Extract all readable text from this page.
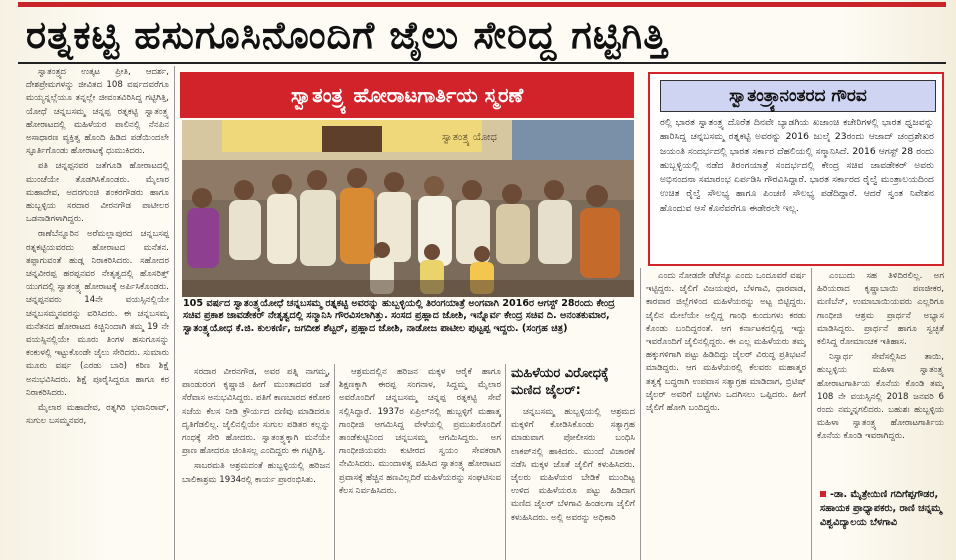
ರತ್ನಕಟ್ಟಿ ಹಸುಗೂಸಿನೊಂದಿಗೆ ಜೈಲು ಸೇರಿದ್ದ ಗಟ್ಟಿಗಿತ್ತಿ

ಸ್ವಾತಂತ್ರ್ಯದ ಉತ್ಕಟ ಪ್ರೀತಿ, ಆದರ್ಶ, ದೇಶಪ್ರೇಮಗಳನ್ನು ಜೀವಿತದ 108 ವರ್ಷದವರೆಗೂ ಮಯ್ಯನ್ನಲ್ಲೆಯೂ ತನ್ನಲ್ಲೇ ಜೀವಂತವಿರಿಸಿದ್ದ ಗಟ್ಟಿಗಿತ್ತಿ, ಯೋಧೆ ಚನ್ನಬಸಮ್ಮ ಚನ್ನಪ್ಪ ರತ್ನಕಟ್ಟಿ ಸ್ವಾತಂತ್ರ್ಯ ಹೋರಾಟದಲ್ಲಿ ಮಹಿಳೆಯರ ಪಾಲಿನಲ್ಲಿ ನೆನಪಿನ ಅಸಾಧಾರಣ ವ್ಯಕ್ತಿತ್ವ ಹೊಂದಿ ಹಿಡಿದ ಪಡೆಯಿಂದಲೇ ಸ್ಫೂರ್ತಿಗೊಂಡು ಹೋರಾಟಕ್ಕೆ ಧುಮುಕಿದರು.

ಪತಿ ಚನ್ನಪ್ಪನವರ ಜತೆಗೂಡಿ ಹೋರಾಟದಲ್ಲಿ ಮುಂಚೆಯೇ ತೊಡಗಿಸಿಕೊಂಡರು. ಮೈಲಾರ ಮಹಾದೇವ, ಅದರಗುಂಚಿ ಶಂಕರಗೌಡರು ಹಾಗೂ ಹುಬ್ಬಳ್ಳಿಯ ಸರದಾರ ವೀರನಗೌಡ ಪಾಟೀಲರ ಒಡನಾಡಿಗಳಾಗಿದ್ದರು.

ರಾಣೆಬೆನ್ನೂರಿನ ಅರೆಮಲ್ಲಾಪುರದ ಚನ್ನಬಸಪ್ಪ ರತ್ನಕಟ್ಟಿಯವರದು ಹೋರಾಟದ ಮನೆತನ. ತಪ್ಪಾಗುವಂತೆ ಹುಡ್ಗ ನಿರಾಕರಿಸಿದರು. ಸಹೋದರ ಚನ್ನವೀರಪ್ಪ ಹರಪ್ಪನವರ ನೇತೃತ್ವದಲ್ಲಿ ಹೊಸರಿತ್ತ್‌ ಯುಗದಲ್ಲಿ ಸ್ವಾತಂತ್ರ್ಯ ಹೋರಾಟಕ್ಕೆ ಅರ್ಪಿಸಿಕೊಂಡರು. ಚನ್ನಪ್ಪನವರು 14ನೇ ವಯಸ್ಸಿನಲ್ಲಿಯೇ ಚನ್ನಬಸಮ್ಮನವರನ್ನು ವರಿಸಿದರು. ಈ ಚನ್ನಬಸಮ್ಮ ಮನೆತನದ ಹೋರಾಟದ ಕಿಚ್ಚಿನಿಂದಾಗಿ ತಮ್ಮ 19 ನೇ ವಯಸ್ಸಿನಲ್ಲಿಯೇ ಮೂರು ತಿಂಗಳ ಹಸುಗೂಸನ್ನು ಕಂಕುಳಲ್ಲಿ ಇಟ್ಟುಕೊಂಡೇ ಜೈಲು ಸೇರಿದರು. ಸುಮಾರು ಮೂರು ವರ್ಷ (ಎರಡು ಬಾರಿ) ಕಠಿಣ ಶಿಕ್ಷೆ ಅನುಭವಿಸಿದರು. ಶಿಕ್ಷೆ ಪೂರೈಸಿದ್ದರೂ ಹಾಗೂ ಕರ ನಿರಾಕರಿಸಿದರು.

ಮೈಲಾರ ಮಹಾದೇವ, ರತ್ನಗಿರಿ ಭವಾನಿರಾವ್, ಸುಗುಲ ಬಸಮ್ಮನವರ,

ಸ್ವಾತಂತ್ರ್ಯ ಹೋರಾಟಗಾರ್ತಿಯ ಸ್ಮರಣೆ
ಸ್ವಾತಂತ್ರ್ಯ ಯೋಧ
105 ವರ್ಷದ ಸ್ವಾತಂತ್ರ್ಯಯೋಧೆ ಚನ್ನಬಸಮ್ಮ ರತ್ನಕಟ್ಟಿ ಅವರನ್ನು ಹುಬ್ಬಳ್ಳಿಯಲ್ಲಿ ತಿರಂಗಯಾತ್ರೆ ಅಂಗವಾಗಿ 2016ರ ಆಗಸ್ಟ್ 28ರಂದು ಕೇಂದ್ರ ಸಚಿವ ಪ್ರಕಾಶ ಜಾವಡೇಕರ್ ನೇತೃತ್ವದಲ್ಲಿ ಸನ್ಮಾನಿಸಿ ಗೌರವಿಸಲಾಗಿತ್ತು. ಸಂಸದ ಪ್ರಹ್ಲಾದ ಜೋಶಿ, ಇನ್ನೊರ್ವ ಕೇಂದ್ರ ಸಚಿವ ದಿ. ಅನಂತಕುಮಾರ, ಸ್ವಾತಂತ್ರ್ಯಯೋಧ ಕೆ.ಜಿ. ಕುಲಕರ್ಣಿ, ಜಗದೀಶ ಶೆಟ್ಟರ್, ಪ್ರಹ್ಲಾದ ಜೋಶಿ, ನಾಡೋಜ ಪಾಟೀಲ ಪುಟ್ಟಪ್ಪ ಇದ್ದರು. (ಸಂಗ್ರಹ ಚಿತ್ರ)
ಸ್ವಾತಂತ್ರ್ಯಾನಂತರದ ಗೌರವ
ರಲ್ಲಿ ಭಾರತ ಸ್ವಾತಂತ್ರ್ಯ ದೊರೆತ ದಿನವೇ ಬ್ಯಾಡಗಿಯ ಖಜಾಂಚಿ ಕಚೇರಿಗಳಲ್ಲಿ ಭಾರತ ಧ್ವಜವನ್ನು ಹಾರಿಸಿದ್ದ ಚನ್ನಬಸಮ್ಮ ರತ್ನಕಟ್ಟಿ ಅವರನ್ನು 2016 ಜುಲೈ 23ರಂದು ಆಜಾದ್ ಚಂದ್ರಶೇಖರ ಜಯಂತಿ ಸಂದರ್ಭದಲ್ಲಿ ಭಾರತ ಸರ್ಕಾರ ದೆಹಲಿಯಲ್ಲಿ ಸನ್ಮಾನಿಸಿದೆ. 2016 ಆಗಸ್ಟ್ 28 ರಂದು ಹುಬ್ಬಳ್ಳಿಯಲ್ಲಿ ನಡೆದ ತಿರಂಗಯಾತ್ರೆ ಸಂದರ್ಭದಲ್ಲಿ ಕೇಂದ್ರ ಸಚಿವ ಜಾವಡೇಕರ್ ಅವರು ಅಭಿನಂದನಾ ಸಮಾರಂಭ ಏರ್ಪಡಿಸಿ ಗೌರವಿಸಿದ್ದಾರೆ. ಭಾರತ ಸರ್ಕಾರದ ರೈಲ್ವೆ ಮಂತ್ರಾಲಯದಿಂದ ಉಚಿತ ರೈಲ್ವೆ ಸೌಲಭ್ಯ ಹಾಗೂ ಪಿಂಚಣಿ ಸೌಲಭ್ಯ ಪಡೆದಿದ್ದಾರೆ. ಆದರೆ ಸ್ವಂತ ನಿವೇಶನ ಹೊಂದುವ ಆಸೆ ಕೊನೆವರೆಗೂ ಈಡೇರಲೇ ಇಲ್ಲ.

ಸರದಾರ ವೀರನಗೌಡ, ಅವರ ಪತ್ನಿ ನಾಗಮ್ಮ, ಪಾಂಡುರಂಗ ಕೃಷ್ಣಾಜಿ ಹೀಗೆ ಮುಂತಾದವರ ಜತೆ ಸೆರೆವಾಸ ಅನುಭವಿಸಿದ್ದರು. ಪತಿಗೆ ಕಾಣಬಾರದ ಕಠೋರ ಸಜೆಯ ಕೆಲಸ ನೀಡಿ ಕ್ರೌರ್ಯದ ದಣಿವು ಮಾಡಿದರೂ ದೃತಿಗೆಡಲಿಲ್ಲ. ಜೈಲಿನಲ್ಲಿಯೇ ಸುಗುಲ ಪಡಿತರ ಕಲ್ಲನ್ನು ಗಂಧಕ್ಕೆ ಸೇರಿ ಹೋದರು. ಸ್ವಾತಂತ್ರ್ಯಕ್ಕಾಗಿ ಮನೆಯೇ ಪ್ರಾಣ ಹೋದರೂ ಚಿಂತಿಸಲ್ಲ ಎಂದಿದ್ದರು ಈ ಗಟ್ಟಿಗಿತ್ತಿ.

ಸಾಬರಮತಿ ಆಶ್ರಮದಂತೆ ಹುಬ್ಬಳ್ಳಿಯಲ್ಲಿ ಹರಿಜನ ಬಾಲಿಕಾಶ್ರಮ 1934ರಲ್ಲಿ ಕಾರ್ಯ ಪ್ರಾರಂಭಿಸಿತು.

ಆಶ್ರಮದಲ್ಲಿನ ಹರಿಜನ ಮಕ್ಕಳ ಆರೈಕೆ ಹಾಗೂ ಶಿಕ್ಷಣಕ್ಕಾಗಿ ಈರಪ್ಪ ಸಂಗನಾಳ, ಸಿದ್ದಮ್ಮ ಮೈಲಾರ ಅವರೊಂದಿಗೆ ಚನ್ನಬಸಮ್ಮ ಚನ್ನಪ್ಪ ರತ್ನಕಟ್ಟಿ ಸೇವೆ ಸಲ್ಲಿಸಿದ್ದಾರೆ. 1937ರ ಏಪ್ರಿಲ್‌ನಲ್ಲಿ ಹುಬ್ಬಳ್ಳಿಗೆ ಮಹಾತ್ಮ ಗಾಂಧೀಜಿ ಆಗಮಿಸಿದ್ದ ವೇಳೆಯಲ್ಲಿ ಪ್ರಮುಖರೊಂದಿಗೆ ತಾಂಡೆಕುಟ್ಟಿನಿಂದ ಚನ್ನಬಸಮ್ಮ ಆಗಮಿಸಿದ್ದರು. ಅಗ ಗಾಂಧೀಜಿಯವರು ಕುಟೀರದ ಸ್ವಯಂ ಸೇವಕರಾಗಿ ನೇಮಿಸಿದರು. ಮುಂದಾಳತ್ವ ವಹಿಸಿದ ಸ್ವಾತಂತ್ರ್ಯ ಹೋರಾಟದ ಪ್ರವಾಸಕ್ಕೆ ಹೆಚ್ಚಿನ ಹಣವಿಲ್ಲದಿರೆ ಮಹಿಳೆಯರನ್ನು ಸಂಘಟಿಸುವ ಕೆಲಸ ನಿರ್ವಹಿಸಿದರು.

ಮಹಿಳೆಯರ ವಿರೋಧಕ್ಕೆ ಮಣಿದ ಜೈಲರ್:

ಚನ್ನಬಸಮ್ಮ ಹುಬ್ಬಳ್ಳಿಯಲ್ಲಿ ಆಶ್ರಮದ ಮಕ್ಕಳಿಗೆ ಕೋಡಿಸಿಕೊಂಡು ಸತ್ಯಾಗ್ರಹ ಮಾಡುವಾಗ ಪೋಲೀಸರು ಬಂಧಿಸಿ ಲಾಕಪ್‌ನಲ್ಲಿ ಹಾಕಿದರು. ಮುಂದೆ ವಿಚಾರಣೆ ನಡೆಸಿ ಮಕ್ಕಳ ಜೊತೆ ಜೈಲಿಗೆ ಕಳುಹಿಸಿದರು. ಜೈಲರು ಮಹಿಳೆಯರ ಬೇಡಿಕೆ ಮುಂದಿಟ್ಟ ಉಳಿದ ಮಹಿಳೆಯರೂ ಪಟ್ಟು ಹಿಡಿದಾಗ ಮಣಿದ ಜೈಲರ್ ಬೆಳಗಾವಿ ಹಿಂಡಲಗಾ ಜೈಲಿಗೆ ಕಳುಹಿಸಿದರು. ಅಲ್ಲಿ ಅವರನ್ನು ಅಧಿಕಾರಿ

ಎಂದು ನೋಡದೇ ಡೆಟೆನ್ಯೂ ಎಂದು ಒಂದೂವರೆ ವರ್ಷ ಇಟ್ಟಿದ್ದರು. ಜೈಲಿಗೆ ವಿಜಯಪುರ, ಬೆಳಗಾವಿ, ಧಾರವಾಡ, ಕಾರವಾರ ಜಿಲ್ಲೆಗಳಿಂದ ಮಹಿಳೆಯರನ್ನು ಅಟ್ಟ ಬಿಟ್ಟಿದ್ದರು. ಜೈಲಿನ ಮೇಲೆಯೇ ಅಲ್ಲಿದ್ದ ಗಾಂಧಿ ಕುಂದುಗಳು ಕರಡು ಕೊಂಡು ಬಂದಿದ್ದರಂತೆ. ಆಗ ಕರ್ನಾಟಕದಲ್ಲಿದ್ದ ಇದ್ದು ಇವರೊಂದಿಗೆ ಜೈಲಿನಲ್ಲಿದ್ದರು. ಈ ಎಲ್ಲ ಮಹಿಳೆಯರು ತಮ್ಮ ಹಕ್ಕುಗಳಿಗಾಗಿ ಪಟ್ಟು ಹಿಡಿದಿದ್ದು ಜೈಲರ್ ವಿರುದ್ಧ ಪ್ರತಿಭಟನೆ ಮಾಡಿದ್ದರು. ಆಗ ಮಹಿಳೆಯರಲ್ಲಿ ಕೆಲವರು ಮಹಾತ್ಮರ ತತ್ವಕ್ಕೆ ಬದ್ಧರಾಗಿ ಉಪವಾಸ ಸತ್ಯಾಗ್ರಹ ಮಾಡಿದಾಗ, ಬ್ರಿಟಿಷ್ ಜೈಲರ್ ಅವರಿಗೆ ಬಟ್ಟೆಗಳು ಒದಗಿಸಲು ಒಪ್ಪಿದರು. ಹೀಗೆ ಜೈಲಿಗೆ ಹೋಗಿ ಬಂದಿದ್ದರು.

ಎಂಬುದು ಸಹ ತಿಳಿದಿರಲಿಲ್ಲ. ಅಗ ಹಿರಿಯರಾದ ಕೃಷ್ಣಾಬಾಯಿ ಪಣಜೀಕರ, ಮಣಿಬೆನ್, ಉಮಾಬಾಯಿಯವರು ಎಲ್ಲರಿಗೂ ಗಾಂಧೀಜಿ ಆಶ್ರಮ ಪ್ರಾರ್ಥನೆ ಅಭ್ಯಾಸ ಮಾಡಿಸಿದ್ದರು. ಪ್ರಾರ್ಥನೆ ಹಾಗೂ ಸ್ವಚ್ಛತೆ ಕಲಿಸಿದ್ದ ರೋಮಾಂಚಕ ಇತಿಹಾಸ.

ನಿಸ್ವಾರ್ಥ ಸೇವೆಸಲ್ಲಿಸಿದ ತಾಯಿ, ಹುಬ್ಬಳ್ಳಿಯ ಮಹಿಳಾ ಸ್ವಾತಂತ್ರ್ಯ ಹೋರಾಟಗಾರ್ತಿಯ ಕೊನೆಯ ಕೊಂಡಿ ತಮ್ಮ 108 ನೇ ವಯಸ್ಸಿನಲ್ಲಿ 2018 ಜನವರಿ 6 ರಂದು ನಮ್ಮನ್ನಗಲಿದರು. ಬಹುಶಃ ಹುಬ್ಬಳ್ಳಿಯ ಮಹಿಳಾ ಸ್ವಾತಂತ್ರ್ಯ ಹೋರಾಟಗಾರ್ತಿಯ ಕೊನೆಯ ಕೊಂಡಿ ಇವರಾಗಿದ್ದರು.

-ಡಾ. ಮೈತ್ರೇಯಿಣಿ ಗದಿಗೆಪ್ಪಗೌಡರ, ಸಹಾಯಕ ಪ್ರಾಧ್ಯಾಪಕರು, ರಾಣಿ ಚನ್ನಮ್ಮ ವಿಶ್ವವಿದ್ಯಾಲಯ ಬೆಳಗಾವಿ
